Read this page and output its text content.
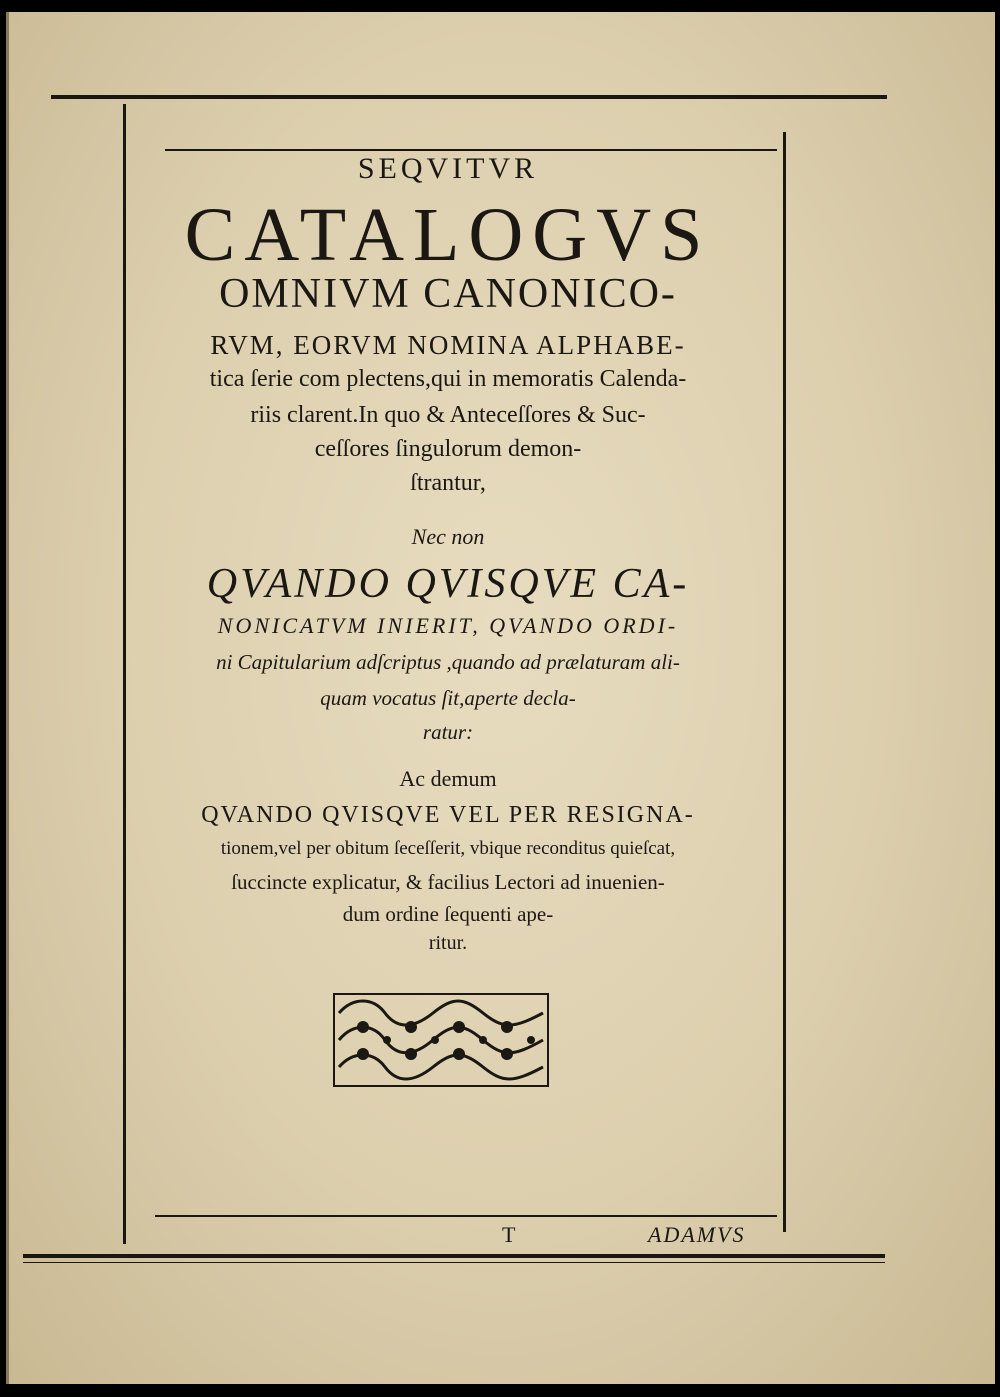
SEQVITVR
CATALOGVS
OMNIVM CANONICO-
RVM, EORVM NOMINA ALPHABE-
tica ſerie com plectens,qui in memoratis Calenda-
riis clarent.In quo & Anteceſſores & Suc-
ceſſores ſingulorum demon-
ſtrantur,
Nec non
QVANDO QVISQVE CA-
NONICATVM INIERIT, QVANDO ORDI-
ni Capitularium adſcriptus ,quando ad prælaturam ali-
quam vocatus ſit,aperte decla-
ratur:
Ac demum
QVANDO QVISQVE VEL PER RESIGNA-
tionem,vel per obitum ſeceſſerit, vbique reconditus quieſcat,
ſuccincte explicatur, & facilius Lectori ad inuenien-
dum ordine ſequenti ape-
ritur.
T	ADAMVS
